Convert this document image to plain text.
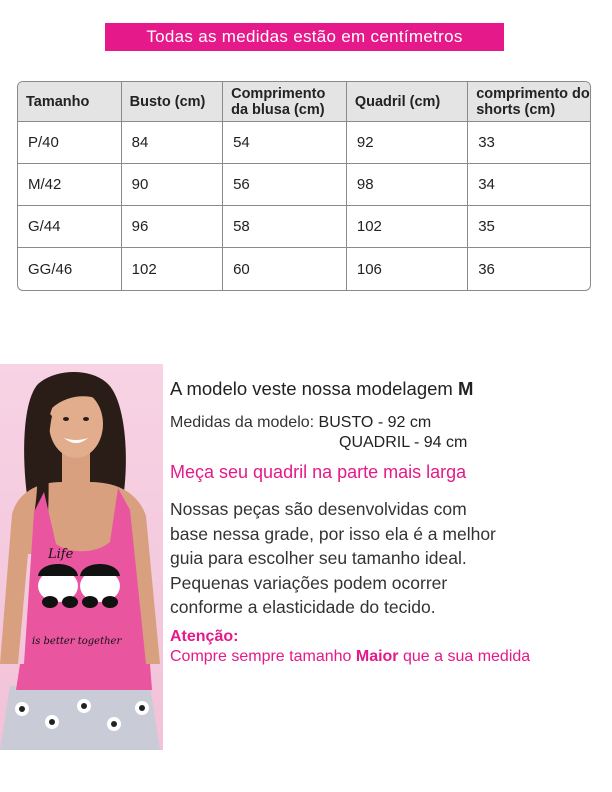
Todas as medidas estão em centímetros
Tamanho	Busto (cm)	Comprimento da blusa (cm)	Quadril (cm)	comprimento do shorts (cm)
P/40	84	54	92	33
M/42	90	56	98	34
G/44	96	58	102	35
GG/46	102	60	106	36
Life
is better together
A modelo veste nossa modelagem M
Medidas da modelo: BUSTO - 92 cm
QUADRIL - 94 cm
Meça seu quadril na parte mais larga
Nossas peças são desenvolvidas com
base nessa grade, por isso ela é a melhor
guia para escolher seu tamanho ideal.
Pequenas variações podem ocorrer
conforme a elasticidade do tecido.
Atenção:
Compre sempre tamanho Maior que a sua medida
